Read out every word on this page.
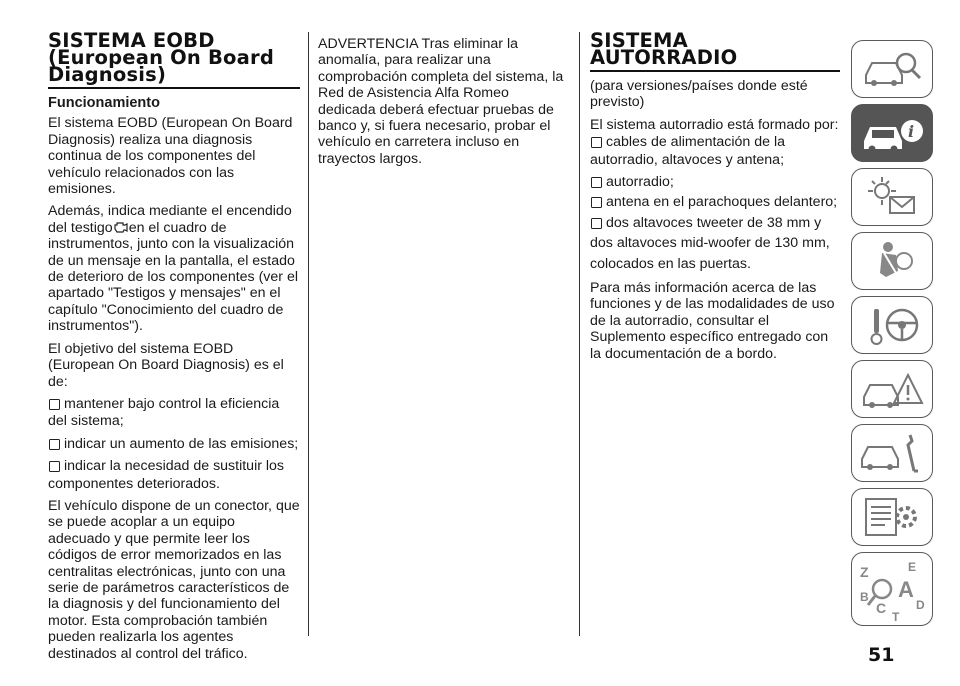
SISTEMA EOBD (European On Board Diagnosis)
Funcionamiento

El sistema EOBD (European On Board Diagnosis) realiza una diagnosis continua de los componentes del vehículo relacionados con las emisiones.

Además, indica mediante el encendido del testigo en el cuadro de instrumentos, junto con la visualización de un mensaje en la pantalla, el estado de deterioro de los componentes (ver el apartado "Testigos y mensajes" en el capítulo "Conocimiento del cuadro de instrumentos").

El objetivo del sistema EOBD (European On Board Diagnosis) es el de:

mantener bajo control la eficiencia
del sistema;
indicar un aumento de las emisiones;
indicar la necesidad de sustituir los
componentes deteriorados.

El vehículo dispone de un conector, que se puede acoplar a un equipo adecuado y que permite leer los códigos de error memorizados en las centralitas electrónicas, junto con una serie de parámetros característicos de la diagnosis y del funcionamiento del motor. Esta comprobación también pueden realizarla los agentes destinados al control del tráfico.

ADVERTENCIA Tras eliminar la anomalía, para realizar una comprobación completa del sistema, la Red de Asistencia Alfa Romeo dedicada deberá efectuar pruebas de banco y, si fuera necesario, probar el vehículo en carretera incluso en trayectos largos.

SISTEMA
AUTORRADIO

(para versiones/países donde esté previsto)

El sistema autorradio está formado por:

cables de alimentación de la
autorradio, altavoces y antena;
autorradio;
antena en el parachoques delantero;
dos altavoces tweeter de 38 mm y
dos altavoces mid-woofer de 130 mm,
colocados en las puertas.

Para más información acerca de las funciones y de las modalidades de uso de la autorradio, consultar el Suplemento específico entregado con la documentación de a bordo.

i
Z	E
B A
D
C
T
51
